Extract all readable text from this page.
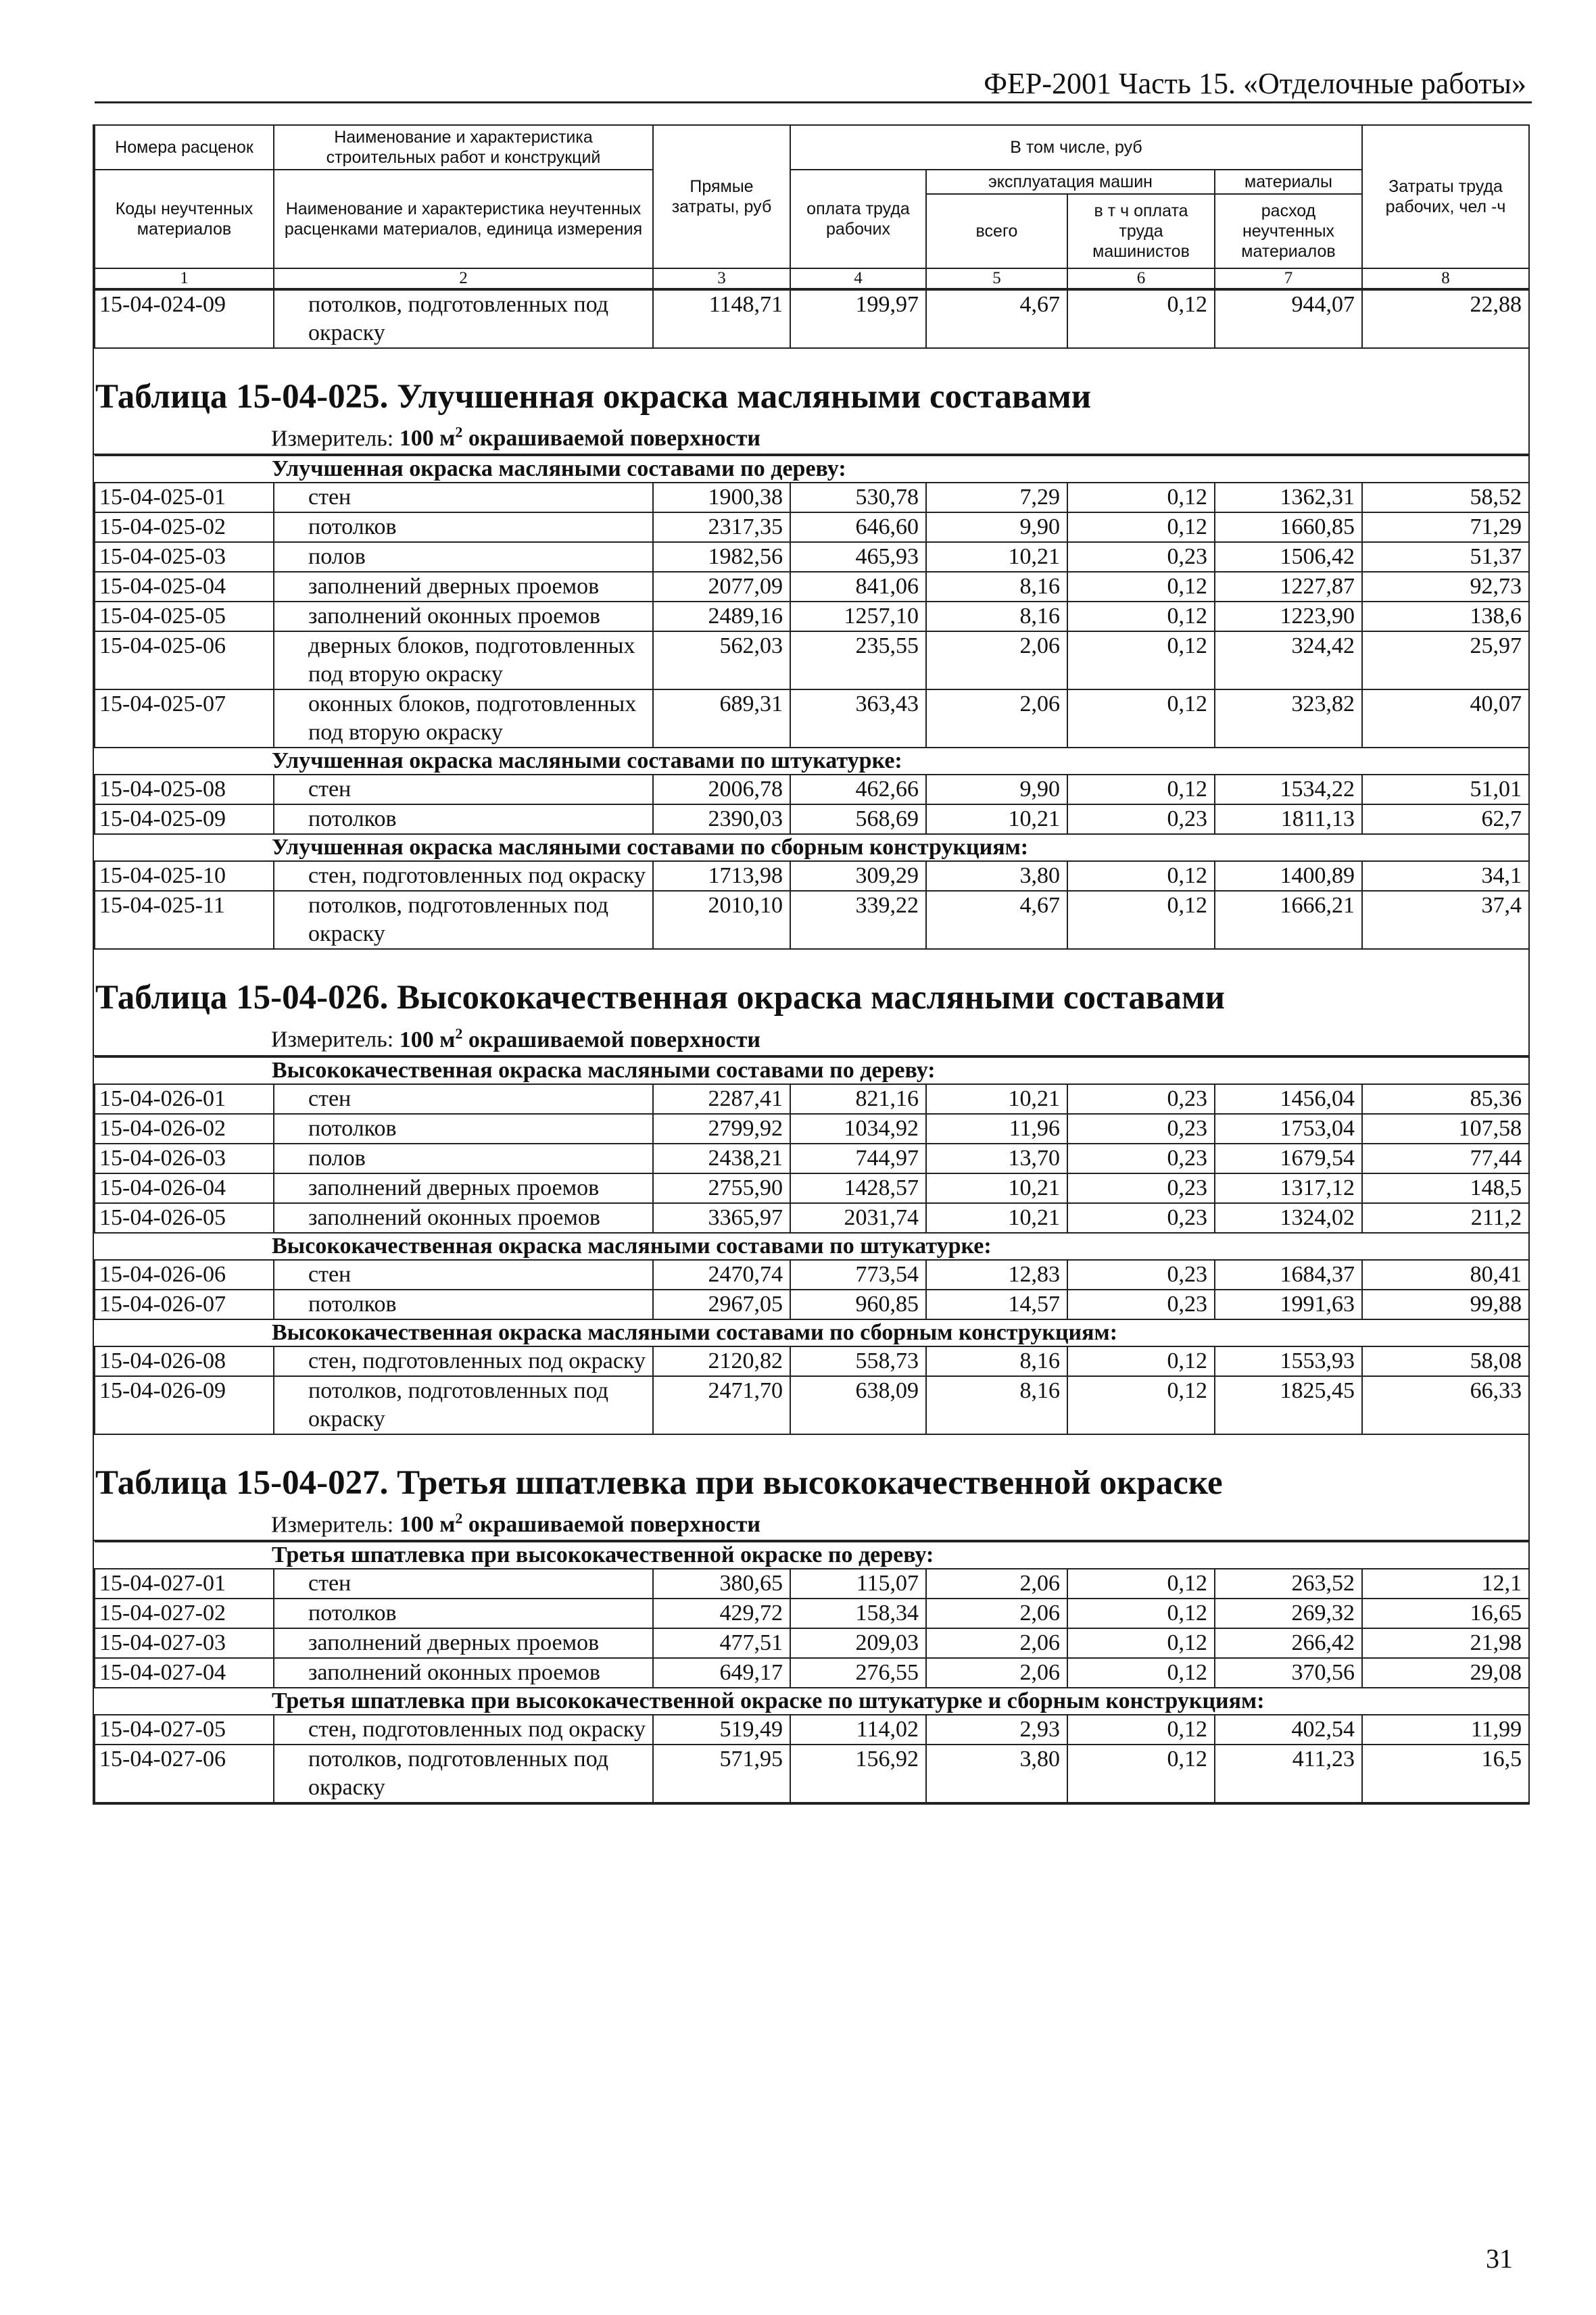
ФЕР-2001 Часть 15. «Отделочные работы»
Номера расценок	Наименование и характеристика строительных работ и конструкций	Прямые затраты, руб	В том числе, руб				Затраты труда рабочих, чел -ч
Коды неучтенных материалов	Наименование и характеристика неучтенных расценками материалов, единица измерения		оплата труда рабочих	эксплуатация машин		материалы	
				всего	в т ч оплата труда машинистов	расход неучтенных материалов	
1	2	3	4	5	6	7	8
15-04-024-09	потолков, подготовленных под окраску	1148,71	199,97	4,67	0,12	944,07	22,88
Таблица 15-04-025. Улучшенная окраска масляными составами
Измеритель: 100 $м^2$ окрашиваемой поверхности
Улучшенная окраска масляными составами по дереву:							
15-04-025-01	стен	1900,38	530,78	7,29	0,12	1362,31	58,52
15-04-025-02	потолков	2317,35	646,60	9,90	0,12	1660,85	71,29
15-04-025-03	полов	1982,56	465,93	10,21	0,23	1506,42	51,37
15-04-025-04	заполнений дверных проемов	2077,09	841,06	8,16	0,12	1227,87	92,73
15-04-025-05	заполнений оконных проемов	2489,16	1257,10	8,16	0,12	1223,90	138,6
15-04-025-06	дверных блоков, подготовленных под вторую окраску	562,03	235,55	2,06	0,12	324,42	25,97
15-04-025-07	оконных блоков, подготовленных под вторую окраску	689,31	363,43	2,06	0,12	323,82	40,07
Улучшенная окраска масляными составами по штукатурке:							
15-04-025-08	стен	2006,78	462,66	9,90	0,12	1534,22	51,01
15-04-025-09	потолков	2390,03	568,69	10,21	0,23	1811,13	62,7
Улучшенная окраска масляными составами по сборным конструкциям:							
15-04-025-10	стен, подготовленных под окраску	1713,98	309,29	3,80	0,12	1400,89	34,1
15-04-025-11	потолков, подготовленных под окраску	2010,10	339,22	4,67	0,12	1666,21	37,4
Таблица 15-04-026. Высококачественная окраска масляными составами
Измеритель: 100 $м^2$ окрашиваемой поверхности
Высококачественная окраска масляными составами по дереву:							
15-04-026-01	стен	2287,41	821,16	10,21	0,23	1456,04	85,36
15-04-026-02	потолков	2799,92	1034,92	11,96	0,23	1753,04	107,58
15-04-026-03	полов	2438,21	744,97	13,70	0,23	1679,54	77,44
15-04-026-04	заполнений дверных проемов	2755,90	1428,57	10,21	0,23	1317,12	148,5
15-04-026-05	заполнений оконных проемов	3365,97	2031,74	10,21	0,23	1324,02	211,2
Высококачественная окраска масляными составами по штукатурке:							
15-04-026-06	стен	2470,74	773,54	12,83	0,23	1684,37	80,41
15-04-026-07	потолков	2967,05	960,85	14,57	0,23	1991,63	99,88
Высококачественная окраска масляными составами по сборным конструкциям:							
15-04-026-08	стен, подготовленных под окраску	2120,82	558,73	8,16	0,12	1553,93	58,08
15-04-026-09	потолков, подготовленных под окраску	2471,70	638,09	8,16	0,12	1825,45	66,33
Таблица 15-04-027. Третья шпатлевка при высококачественной окраске
Измеритель: 100 $м^2$ окрашиваемой поверхности
Третья шпатлевка при высококачественной окраске по дереву:							
15-04-027-01	стен	380,65	115,07	2,06	0,12	263,52	12,1
15-04-027-02	потолков	429,72	158,34	2,06	0,12	269,32	16,65
15-04-027-03	заполнений дверных проемов	477,51	209,03	2,06	0,12	266,42	21,98
15-04-027-04	заполнений оконных проемов	649,17	276,55	2,06	0,12	370,56	29,08
Третья шпатлевка при высококачественной окраске по штукатурке и сборным конструкциям:							
15-04-027-05	стен, подготовленных под окраску	519,49	114,02	2,93	0,12	402,54	11,99
15-04-027-06	потолков, подготовленных под окраску	571,95	156,92	3,80	0,12	411,23	16,5
31
